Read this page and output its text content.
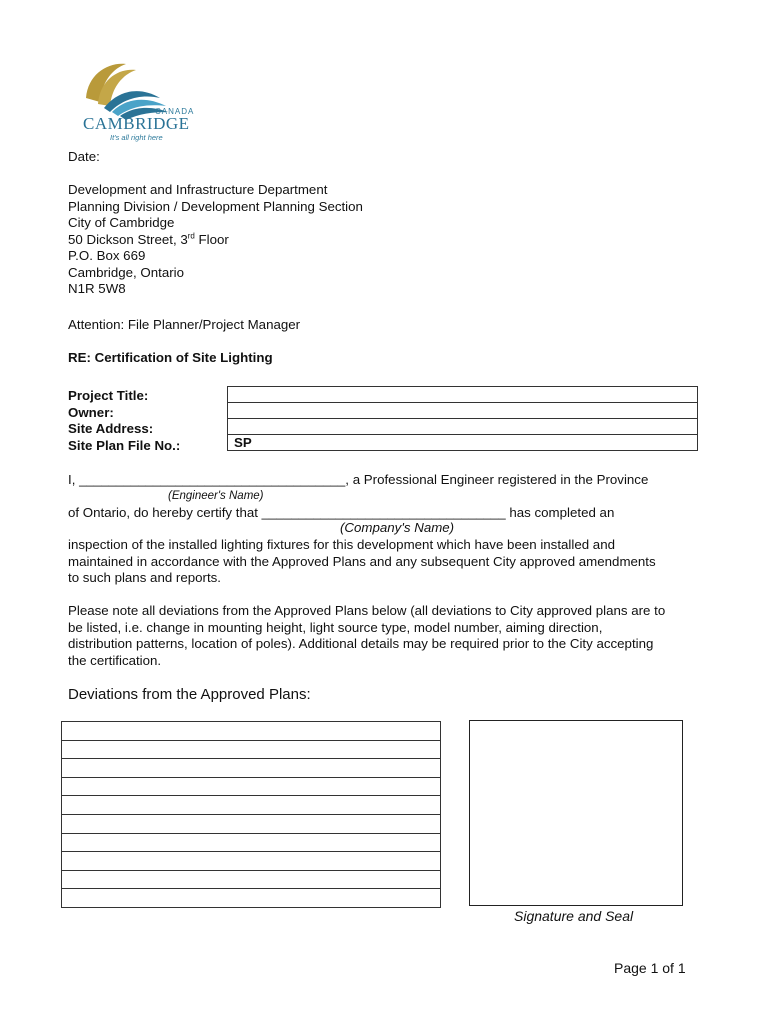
CANADA
CAMBRIDGE
It's all right here
Date:
Development and Infrastructure Department
Planning Division / Development Planning Section
City of Cambridge
50 Dickson Street, 3rd Floor
P.O. Box 669
Cambridge, Ontario
N1R 5W8
Attention: File Planner/Project Manager
RE: Certification of Site Lighting
Project Title:
Owner:
Site Address:
Site Plan File No.:	SP
I, ____________________________________, a Professional Engineer registered in the Province
(Engineer's Name)
of Ontario, do hereby certify that _________________________________ has completed an
(Company's Name)
inspection of the installed lighting fixtures for this development which have been installed and
maintained in accordance with the Approved Plans and any subsequent City approved amendments
to such plans and reports.
Please note all deviations from the Approved Plans below (all deviations to City approved plans are to
be listed, i.e. change in mounting height, light source type, model number, aiming direction,
distribution patterns, location of poles). Additional details may be required prior to the City accepting
the certification.
Deviations from the Approved Plans:

Signature and Seal
Page 1 of 1
